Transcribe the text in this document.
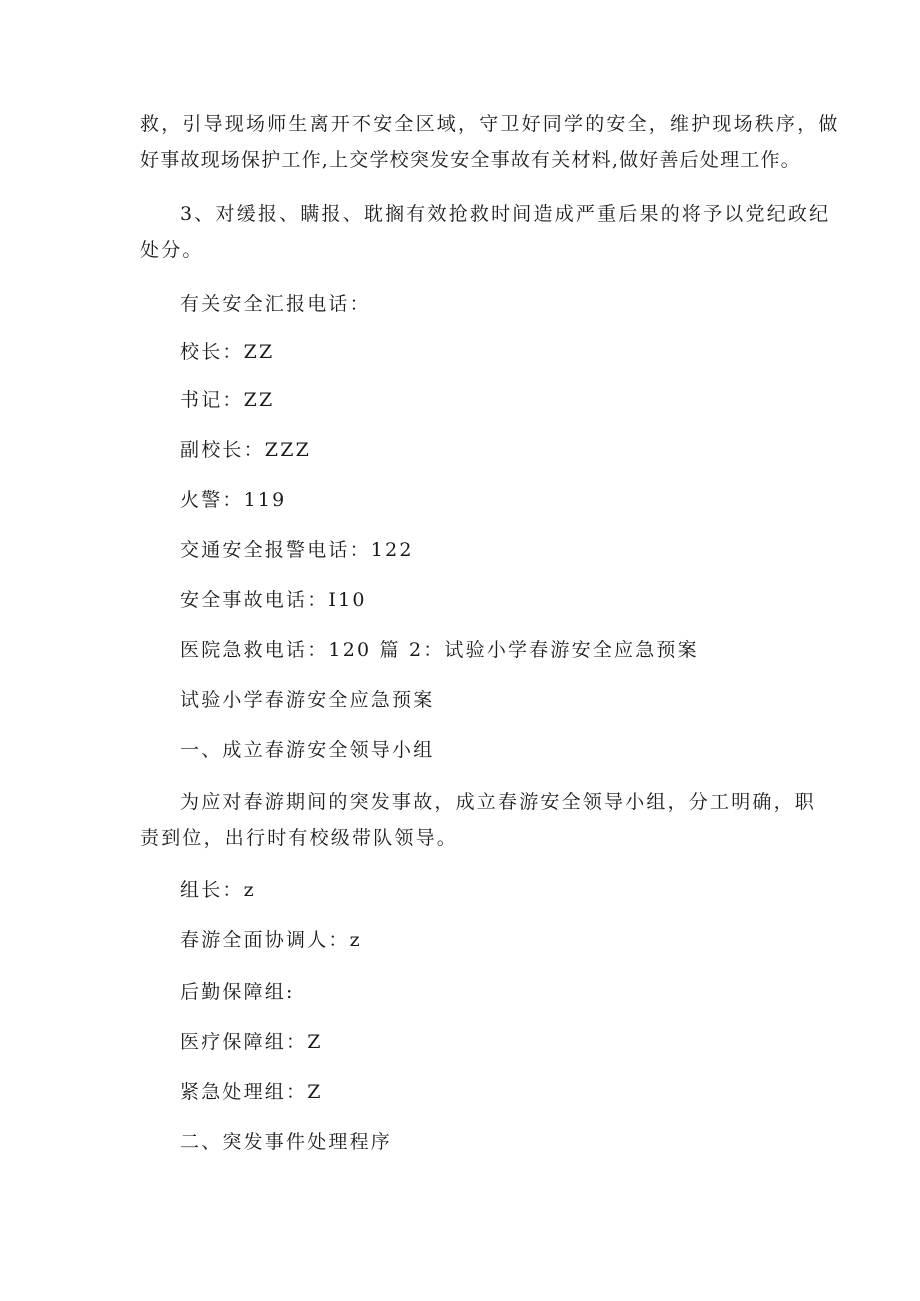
救，引导现场师生离开不安全区域，守卫好同学的安全，维护现场秩序，做
好事故现场保护工作,上交学校突发安全事故有关材料,做好善后处理工作。
3、对缓报、瞒报、耽搁有效抢救时间造成严重后果的将予以党纪政纪
处分。
有关安全汇报电话：
校长：ZZ
书记：ZZ
副校长：ZZZ
火警：119
交通安全报警电话：122
安全事故电话：I10
医院急救电话：120 篇 2：试验小学春游安全应急预案
试验小学春游安全应急预案
一、成立春游安全领导小组
为应对春游期间的突发事故，成立春游安全领导小组，分工明确，职
责到位，出行时有校级带队领导。
组长：z
春游全面协调人：z
后勤保障组:
医疗保障组：Z
紧急处理组：Z
二、突发事件处理程序
